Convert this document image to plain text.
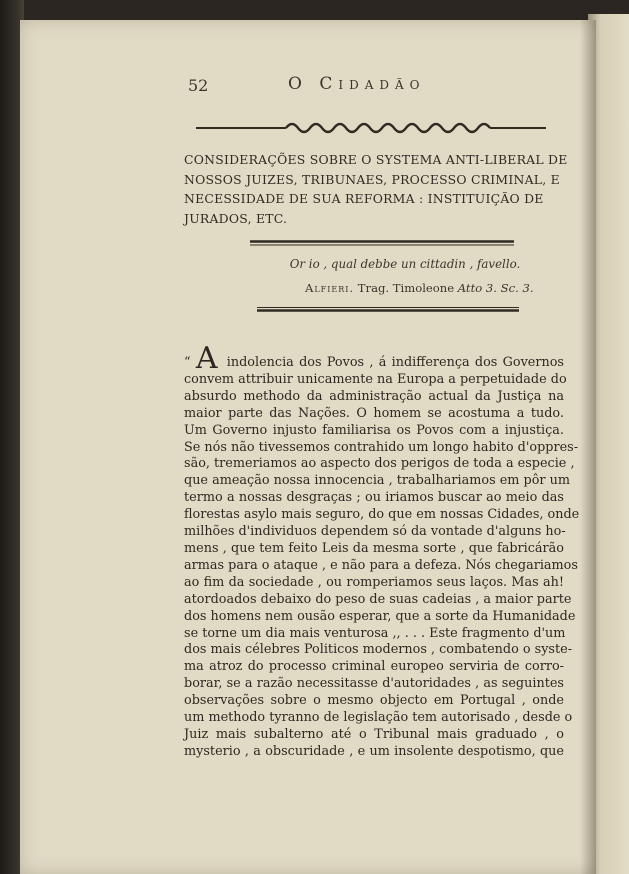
52	O Cidadão
CONSIDERAÇÕES SOBRE O SYSTEMA ANTI-LIBERAL DE
NOSSOS JUIZES, TRIBUNAES, PROCESSO CRIMINAL, E
NECESSIDADE DE SUA REFORMA : INSTITUIÇÃO DE
JURADOS, ETC.
Or io , qual debbe un cittadin , favello.
Alfieri. Trag. Timoleone Atto 3. Sc. 3.
“ A indolencia dos Povos , á indifferença dos Governos
convem attribuir unicamente na Europa a perpetuidade do
absurdo methodo da administração actual da Justiça na
maior parte das Nações. O homem se acostuma a tudo.
Um Governo injusto familiarisa os Povos com a injustiça.
Se nós não tivessemos contrahido um longo habito d'oppres-
são, tremeriamos ao aspecto dos perigos de toda a especie ,
que ameação nossa innocencia , trabalhariamos em pôr um
termo a nossas desgraças ; ou iriamos buscar ao meio das
florestas asylo mais seguro, do que em nossas Cidades, onde
milhões d'individuos dependem só da vontade d'alguns ho-
mens , que tem feito Leis da mesma sorte , que fabricárão
armas para o ataque , e não para a defeza. Nós chegariamos
ao fim da sociedade , ou romperiamos seus laços. Mas ah!
atordoados debaixo do peso de suas cadeias , a maior parte
dos homens nem ousão esperar, que a sorte da Humanidade
se torne um dia mais venturosa ,, . . . Este fragmento d'um
dos mais célebres Politicos modernos , combatendo o syste-
ma atroz do processo criminal europeo serviria de corro-
borar, se a razão necessitasse d'autoridades , as seguintes
observações sobre o mesmo objecto em Portugal , onde
um methodo tyranno de legislação tem autorisado , desde o
Juiz mais subalterno até o Tribunal mais graduado , o
mysterio , a obscuridade , e um insolente despotismo, que
